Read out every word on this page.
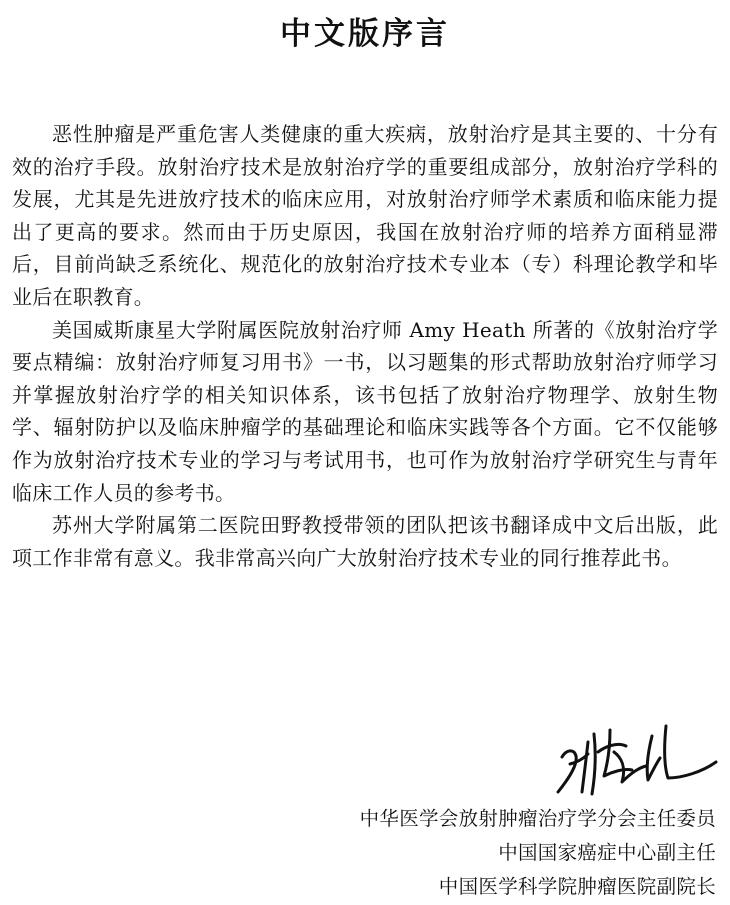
中文版序言

恶性肿瘤是严重危害人类健康的重大疾病，放射治疗是其主要的、十分有效的治疗手段。放射治疗技术是放射治疗学的重要组成部分，放射治疗学科的发展，尤其是先进放疗技术的临床应用，对放射治疗师学术素质和临床能力提出了更高的要求。然而由于历史原因，我国在放射治疗师的培养方面稍显滞后，目前尚缺乏系统化、规范化的放射治疗技术专业本（专）科理论教学和毕业后在职教育。

美国威斯康星大学附属医院放射治疗师 Amy Heath 所著的《放射治疗学要点精编：放射治疗师复习用书》一书，以习题集的形式帮助放射治疗师学习并掌握放射治疗学的相关知识体系，该书包括了放射治疗物理学、放射生物学、辐射防护以及临床肿瘤学的基础理论和临床实践等各个方面。它不仅能够作为放射治疗技术专业的学习与考试用书，也可作为放射治疗学研究生与青年临床工作人员的参考书。

苏州大学附属第二医院田野教授带领的团队把该书翻译成中文后出版，此项工作非常有意义。我非常高兴向广大放射治疗技术专业的同行推荐此书。

中华医学会放射肿瘤治疗学分会主任委员
中国国家癌症中心副主任
中国医学科学院肿瘤医院副院长
